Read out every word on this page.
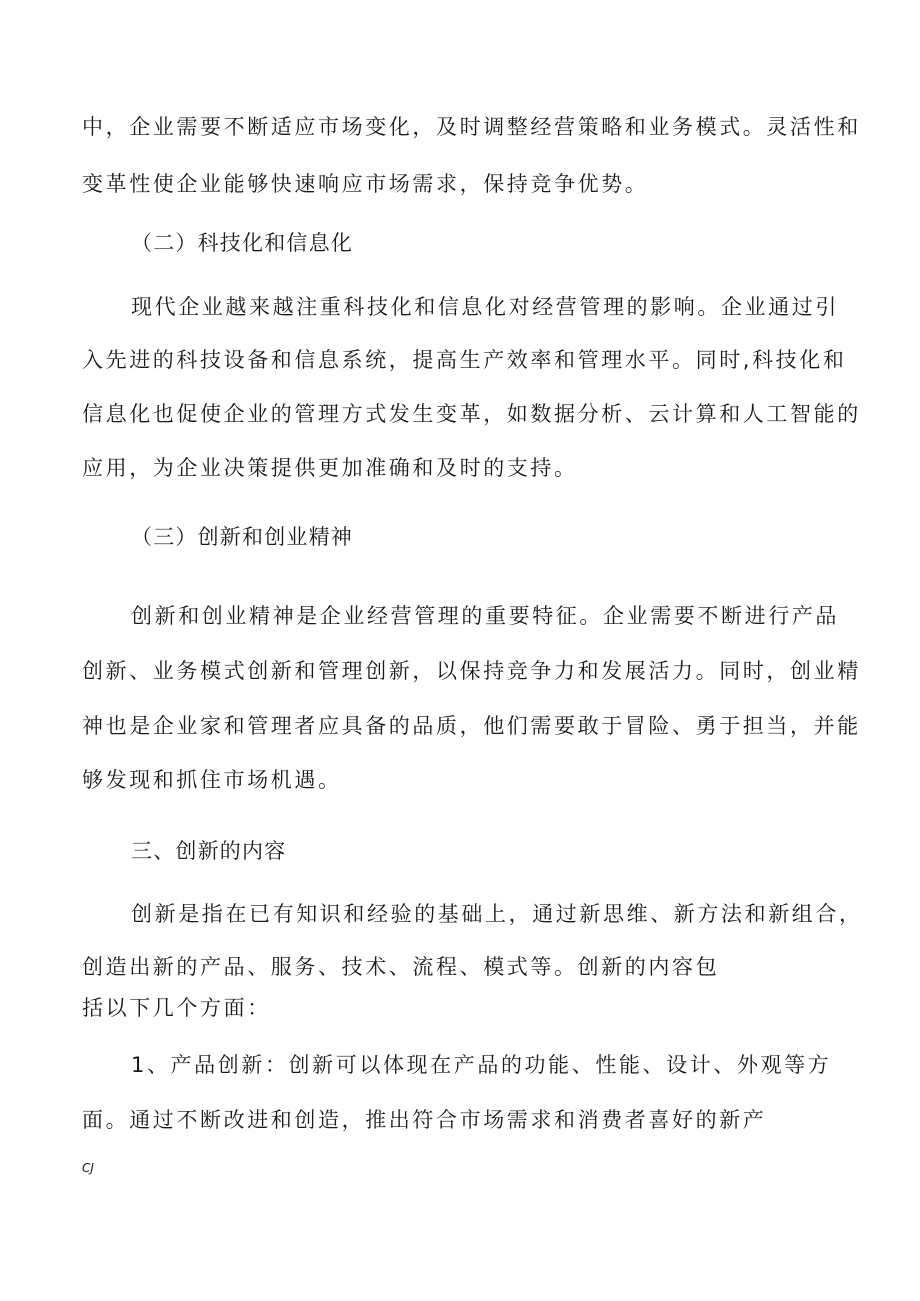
中，企业需要不断适应市场变化，及时调整经营策略和业务模式。灵活性和
变革性使企业能够快速响应市场需求，保持竞争优势。
（二）科技化和信息化
现代企业越来越注重科技化和信息化对经营管理的影响。企业通过引
入先进的科技设备和信息系统，提高生产效率和管理水平。同时,科技化和
信息化也促使企业的管理方式发生变革，如数据分析、云计算和人工智能的
应用，为企业决策提供更加准确和及时的支持。
（三）创新和创业精神
创新和创业精神是企业经营管理的重要特征。企业需要不断进行产品
创新、业务模式创新和管理创新，以保持竞争力和发展活力。同时，创业精
神也是企业家和管理者应具备的品质，他们需要敢于冒险、勇于担当，并能
够发现和抓住市场机遇。
三、创新的内容
创新是指在已有知识和经验的基础上，通过新思维、新方法和新组合，
创造出新的产品、服务、技术、流程、模式等。创新的内容包
括以下几个方面：
1、产品创新：创新可以体现在产品的功能、性能、设计、外观等方
面。通过不断改进和创造，推出符合市场需求和消费者喜好的新产
CJ
